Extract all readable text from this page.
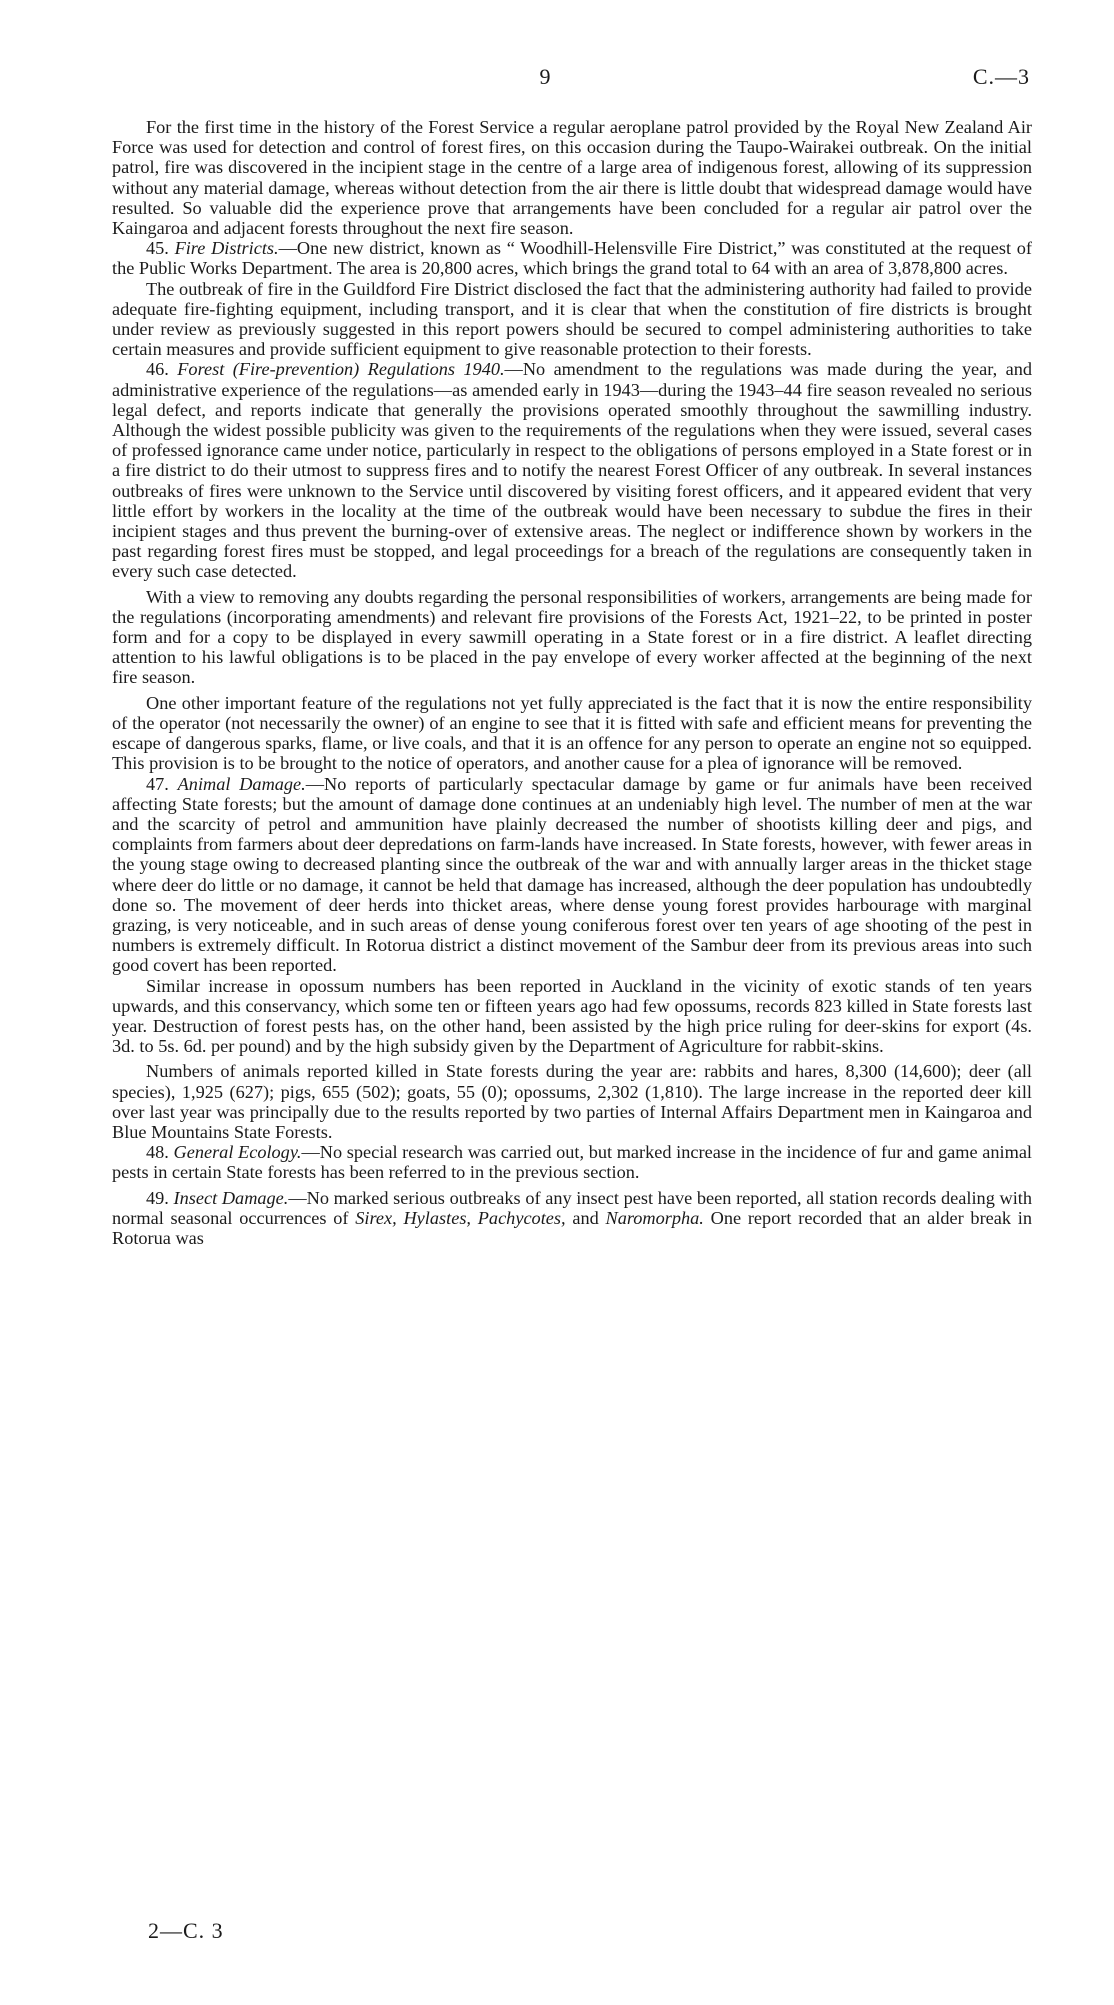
9	C.—3

For the first time in the history of the Forest Service a regular aeroplane patrol provided by the Royal New Zealand Air Force was used for detection and control of forest fires, on this occasion during the Taupo-Wairakei outbreak. On the initial patrol, fire was discovered in the incipient stage in the centre of a large area of indigenous forest, allowing of its suppression without any material damage, whereas without detection from the air there is little doubt that widespread damage would have resulted. So valuable did the experience prove that arrangements have been concluded for a regular air patrol over the Kaingaroa and adjacent forests throughout the next fire season.

45. Fire Districts.—One new district, known as “ Woodhill-Helensville Fire District,” was constituted at the request of the Public Works Department. The area is 20,800 acres, which brings the grand total to 64 with an area of 3,878,800 acres.

The outbreak of fire in the Guildford Fire District disclosed the fact that the administering authority had failed to provide adequate fire-fighting equipment, including transport, and it is clear that when the constitution of fire districts is brought under review as previously suggested in this report powers should be secured to compel administering authorities to take certain measures and provide sufficient equipment to give reasonable protection to their forests.

46. Forest (Fire-prevention) Regulations 1940.—No amendment to the regulations was made during the year, and administrative experience of the regulations—as amended early in 1943—during the 1943–44 fire season revealed no serious legal defect, and reports indicate that generally the provisions operated smoothly throughout the sawmilling industry. Although the widest possible publicity was given to the requirements of the regulations when they were issued, several cases of professed ignorance came under notice, particularly in respect to the obligations of persons employed in a State forest or in a fire district to do their utmost to suppress fires and to notify the nearest Forest Officer of any outbreak. In several instances outbreaks of fires were unknown to the Service until discovered by visiting forest officers, and it appeared evident that very little effort by workers in the locality at the time of the outbreak would have been necessary to subdue the fires in their incipient stages and thus prevent the burning-over of extensive areas. The neglect or indifference shown by workers in the past regarding forest fires must be stopped, and legal proceedings for a breach of the regulations are consequently taken in every such case detected.

With a view to removing any doubts regarding the personal responsibilities of workers, arrangements are being made for the regulations (incorporating amendments) and relevant fire provisions of the Forests Act, 1921–22, to be printed in poster form and for a copy to be displayed in every sawmill operating in a State forest or in a fire district. A leaflet directing attention to his lawful obligations is to be placed in the pay envelope of every worker affected at the beginning of the next fire season.

One other important feature of the regulations not yet fully appreciated is the fact that it is now the entire responsibility of the operator (not necessarily the owner) of an engine to see that it is fitted with safe and efficient means for preventing the escape of dangerous sparks, flame, or live coals, and that it is an offence for any person to operate an engine not so equipped. This provision is to be brought to the notice of operators, and another cause for a plea of ignorance will be removed.

47. Animal Damage.—No reports of particularly spectacular damage by game or fur animals have been received affecting State forests; but the amount of damage done continues at an undeniably high level. The number of men at the war and the scarcity of petrol and ammunition have plainly decreased the number of shootists killing deer and pigs, and complaints from farmers about deer depredations on farm-lands have increased. In State forests, however, with fewer areas in the young stage owing to decreased planting since the outbreak of the war and with annually larger areas in the thicket stage where deer do little or no damage, it cannot be held that damage has increased, although the deer population has undoubtedly done so. The movement of deer herds into thicket areas, where dense young forest provides harbourage with marginal grazing, is very noticeable, and in such areas of dense young coniferous forest over ten years of age shooting of the pest in numbers is extremely difficult. In Rotorua district a distinct movement of the Sambur deer from its previous areas into such good covert has been reported.

Similar increase in opossum numbers has been reported in Auckland in the vicinity of exotic stands of ten years upwards, and this conservancy, which some ten or fifteen years ago had few opossums, records 823 killed in State forests last year. Destruction of forest pests has, on the other hand, been assisted by the high price ruling for deer-skins for export (4s. 3d. to 5s. 6d. per pound) and by the high subsidy given by the Department of Agriculture for rabbit-skins.

Numbers of animals reported killed in State forests during the year are: rabbits and hares, 8,300 (14,600); deer (all species), 1,925 (627); pigs, 655 (502); goats, 55 (0); opossums, 2,302 (1,810). The large increase in the reported deer kill over last year was principally due to the results reported by two parties of Internal Affairs Department men in Kaingaroa and Blue Mountains State Forests.

48. General Ecology.—No special research was carried out, but marked increase in the incidence of fur and game animal pests in certain State forests has been referred to in the previous section.

49. Insect Damage.—No marked serious outbreaks of any insect pest have been reported, all station records dealing with normal seasonal occurrences of Sirex, Hylastes, Pachycotes, and Naromorpha. One report recorded that an alder break in Rotorua was

2—C. 3
